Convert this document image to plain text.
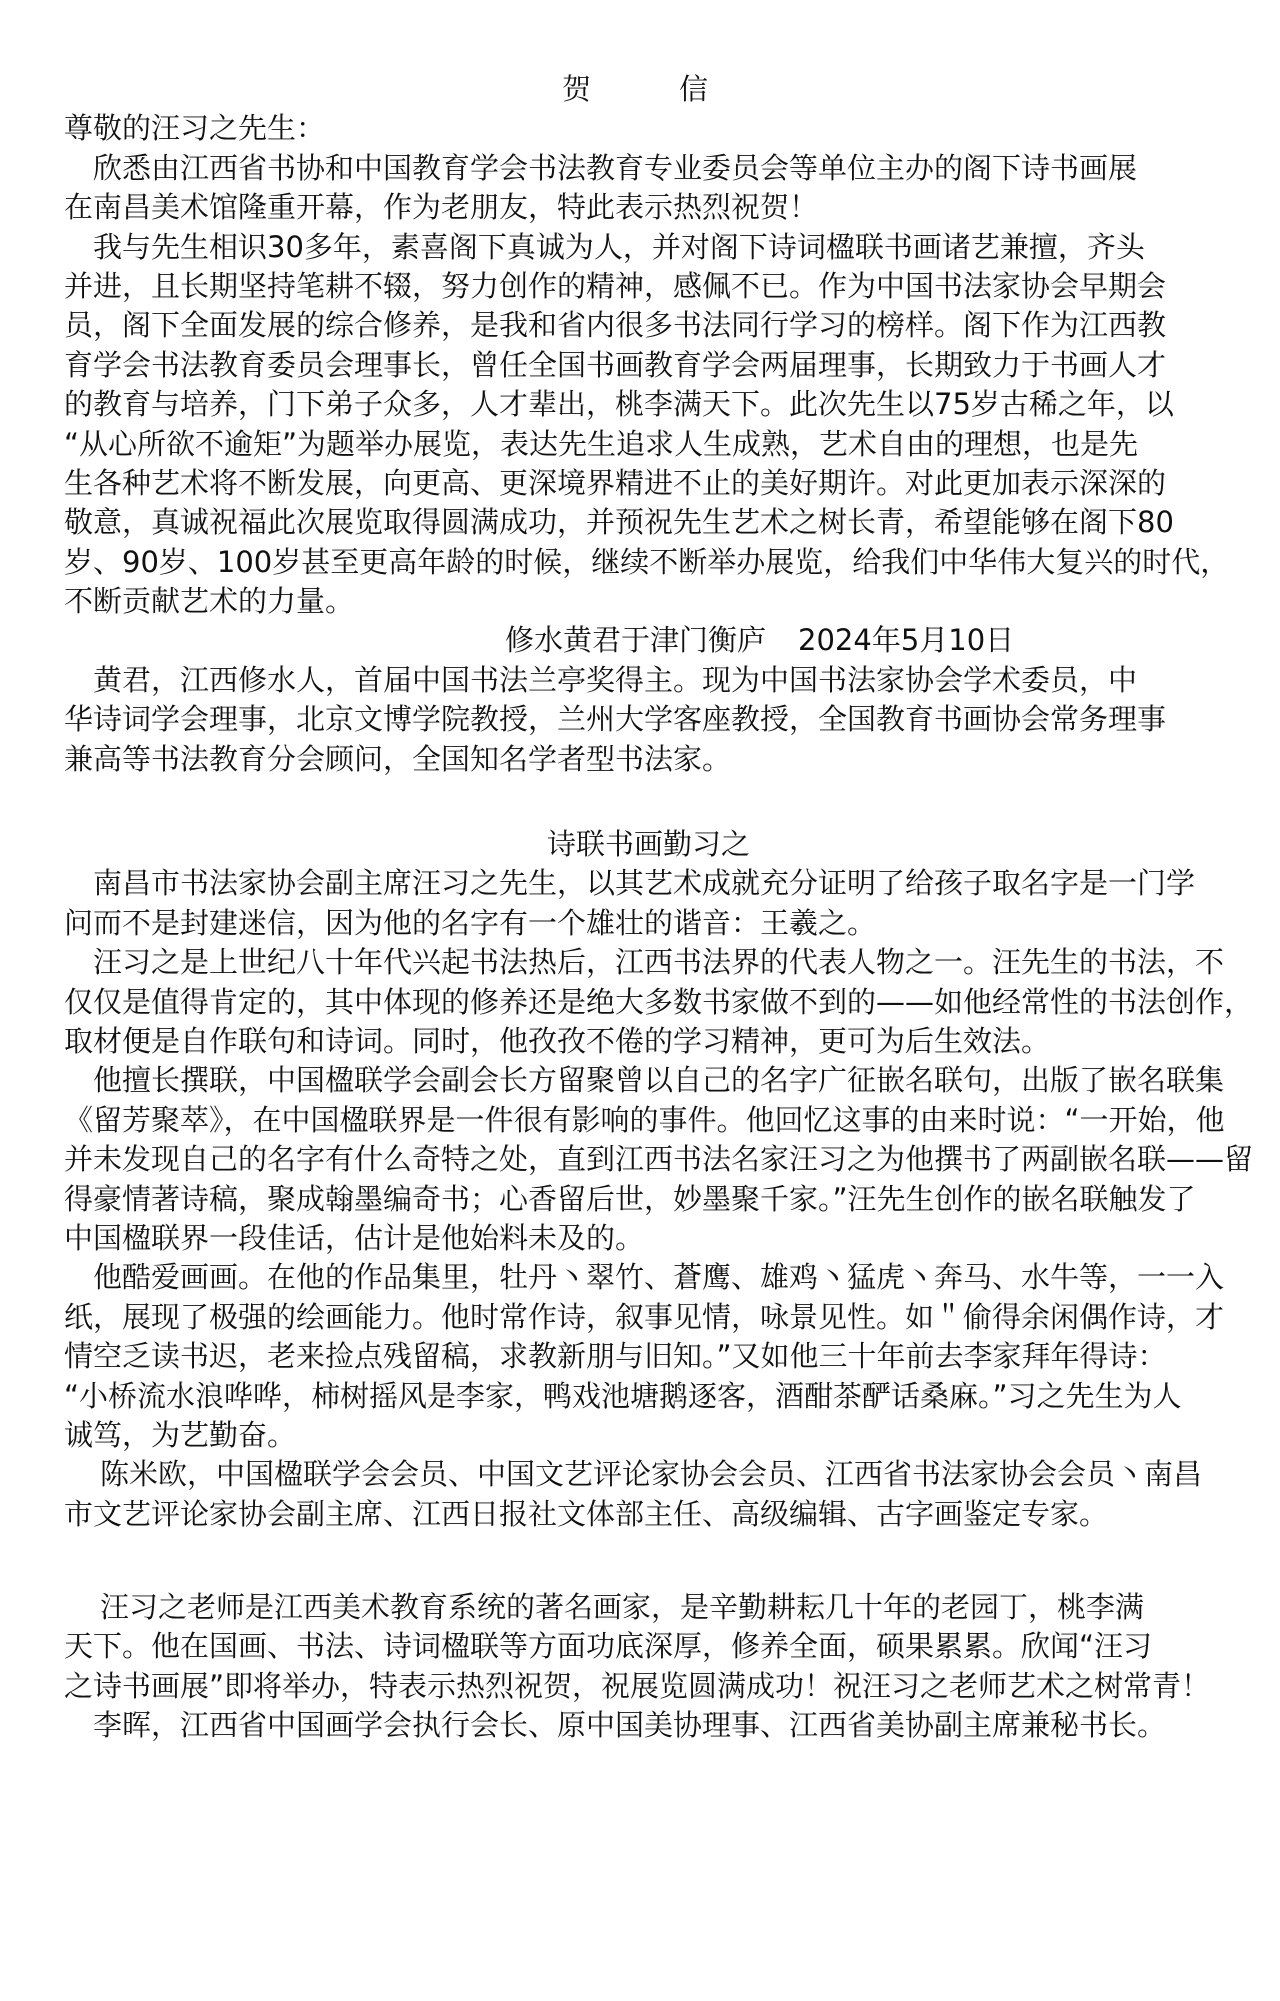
贺	信
尊敬的汪习之先生：
欣悉由江西省书协和中国教育学会书法教育专业委员会等单位主办的阁下诗书画展
在南昌美术馆隆重开幕，作为老朋友，特此表示热烈祝贺！
我与先生相识30多年，素喜阁下真诚为人，并对阁下诗词楹联书画诸艺兼擅，齐头
并进，且长期坚持笔耕不辍，努力创作的精神，感佩不已。作为中国书法家协会早期会
员，阁下全面发展的综合修养，是我和省内很多书法同行学习的榜样。阁下作为江西教
育学会书法教育委员会理事长，曾任全国书画教育学会两届理事，长期致力于书画人才
的教育与培养，门下弟子众多，人才辈出，桃李满天下。此次先生以75岁古稀之年，以
“从心所欲不逾矩”为题举办展览，表达先生追求人生成熟，艺术自由的理想，也是先
生各种艺术将不断发展，向更高、更深境界精进不止的美好期许。对此更加表示深深的
敬意，真诚祝福此次展览取得圆满成功，并预祝先生艺术之树长青，希望能够在阁下80
岁、90岁、100岁甚至更高年龄的时候，继续不断举办展览，给我们中华伟大复兴的时代，
不断贡献艺术的力量。
修水黄君于津门衡庐 2024年5月10日
黄君，江西修水人，首届中国书法兰亭奖得主。现为中国书法家协会学术委员，中
华诗词学会理事，北京文博学院教授，兰州大学客座教授，全国教育书画协会常务理事
兼高等书法教育分会顾问，全国知名学者型书法家。
诗联书画勤习之
南昌市书法家协会副主席汪习之先生，以其艺术成就充分证明了给孩子取名字是一门学
问而不是封建迷信，因为他的名字有一个雄壮的谐音：王羲之。
汪习之是上世纪八十年代兴起书法热后，江西书法界的代表人物之一。汪先生的书法，不
仅仅是值得肯定的，其中体现的修养还是绝大多数书家做不到的——如他经常性的书法创作，
取材便是自作联句和诗词。同时，他孜孜不倦的学习精神，更可为后生效法。
他擅长撰联，中国楹联学会副会长方留聚曾以自己的名字广征嵌名联句，出版了嵌名联集
《留芳聚萃》，在中国楹联界是一件很有影响的事件。他回忆这事的由来时说：“一开始，他
并未发现自己的名字有什么奇特之处，直到江西书法名家汪习之为他撰书了两副嵌名联——留
得豪情著诗稿，聚成翰墨编奇书；心香留后世，妙墨聚千家。”汪先生创作的嵌名联触发了
中国楹联界一段佳话，估计是他始料未及的。
他酷爱画画。在他的作品集里，牡丹丶翠竹、蒼鹰、雄鸡丶猛虎丶奔马、水牛等，一一入
纸，展现了极强的绘画能力。他时常作诗，叙事见情，咏景见性。如＂偷得余闲偶作诗，才
情空乏读书迟，老来捡点残留稿，求教新朋与旧知。”又如他三十年前去李家拜年得诗：
“小桥流水浪哗哗，柿树摇风是李家，鸭戏池塘鹅逐客，酒酣茶酽话桑麻。”习之先生为人
诚笃，为艺勤奋。
陈米欧，中国楹联学会会员、中国文艺评论家协会会员、江西省书法家协会会员丶南昌
市文艺评论家协会副主席、江西日报社文体部主任、高级编辑、古字画鉴定专家。
汪习之老师是江西美术教育系统的著名画家，是辛勤耕耘几十年的老园丁，桃李满
天下。他在国画、书法、诗词楹联等方面功底深厚，修养全面，硕果累累。欣闻“汪习
之诗书画展”即将举办，特表示热烈祝贺，祝展览圆满成功！祝汪习之老师艺术之树常青！
李晖，江西省中国画学会执行会长、原中国美协理事、江西省美协副主席兼秘书长。
